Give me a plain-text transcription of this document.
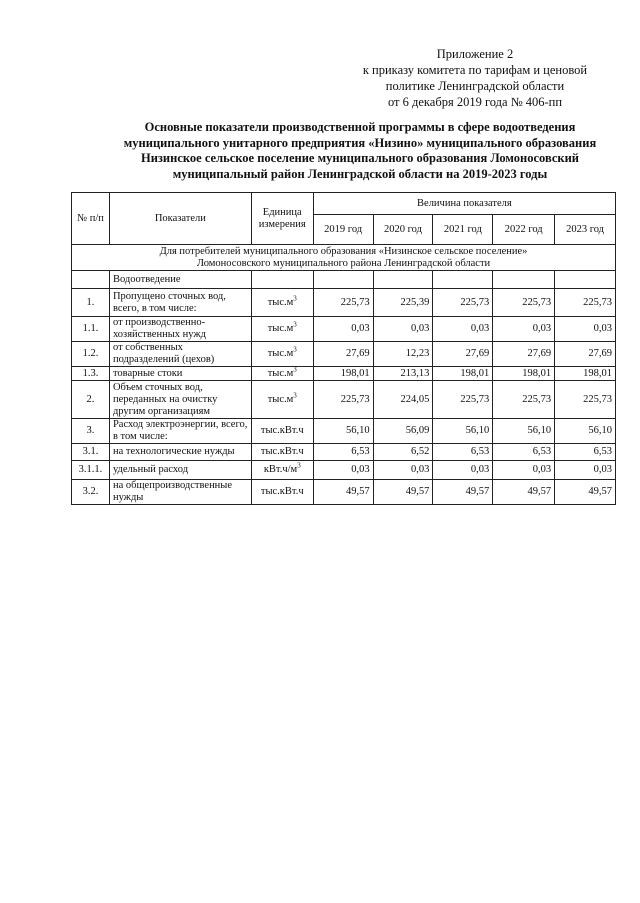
Приложение 2
к приказу комитета по тарифам и ценовой
политике Ленинградской области
от 6 декабря 2019 года № 406-пп
Основные показатели производственной программы в сфере водоотведения
муниципального унитарного предприятия «Низино» муниципального образования
Низинское сельское поселение муниципального образования Ломоносовский
муниципальный район Ленинградской области на 2019-2023 годы
№ п/п	Показатели	Единица измерения	Величина показателя				
			2019 год	2020 год	2021 год	2022 год	2023 год

Для потребителей муниципального образования «Низинское сельское поселение»
Ломоносовского муниципального района Ленинградской области							

	Водоотведение						
1.	Пропущено сточных вод, всего, в том числе:	$тыс.м^3$	225,73	225,39	225,73	225,73	225,73
1.1.	от производственно-хозяйственных нужд	$тыс.м^3$	0,03	0,03	0,03	0,03	0,03
1.2.	от собственных подразделений (цехов)	$тыс.м^3$	27,69	12,23	27,69	27,69	27,69
1.3.	товарные стоки	$тыс.м^3$	198,01	213,13	198,01	198,01	198,01
2.	Объем сточных вод, переданных на очистку другим организациям	$тыс.м^3$	225,73	224,05	225,73	225,73	225,73
3.	Расход электроэнергии, всего, в том числе:	тыс.кВт.ч	56,10	56,09	56,10	56,10	56,10
3.1.	на технологические нужды	тыс.кВт.ч	6,53	6,52	6,53	6,53	6,53
3.1.1.	удельный расход	$кВт.ч/м^3$	0,03	0,03	0,03	0,03	0,03
3.2.	на общепроизводственные нужды	тыс.кВт.ч	49,57	49,57	49,57	49,57	49,57
